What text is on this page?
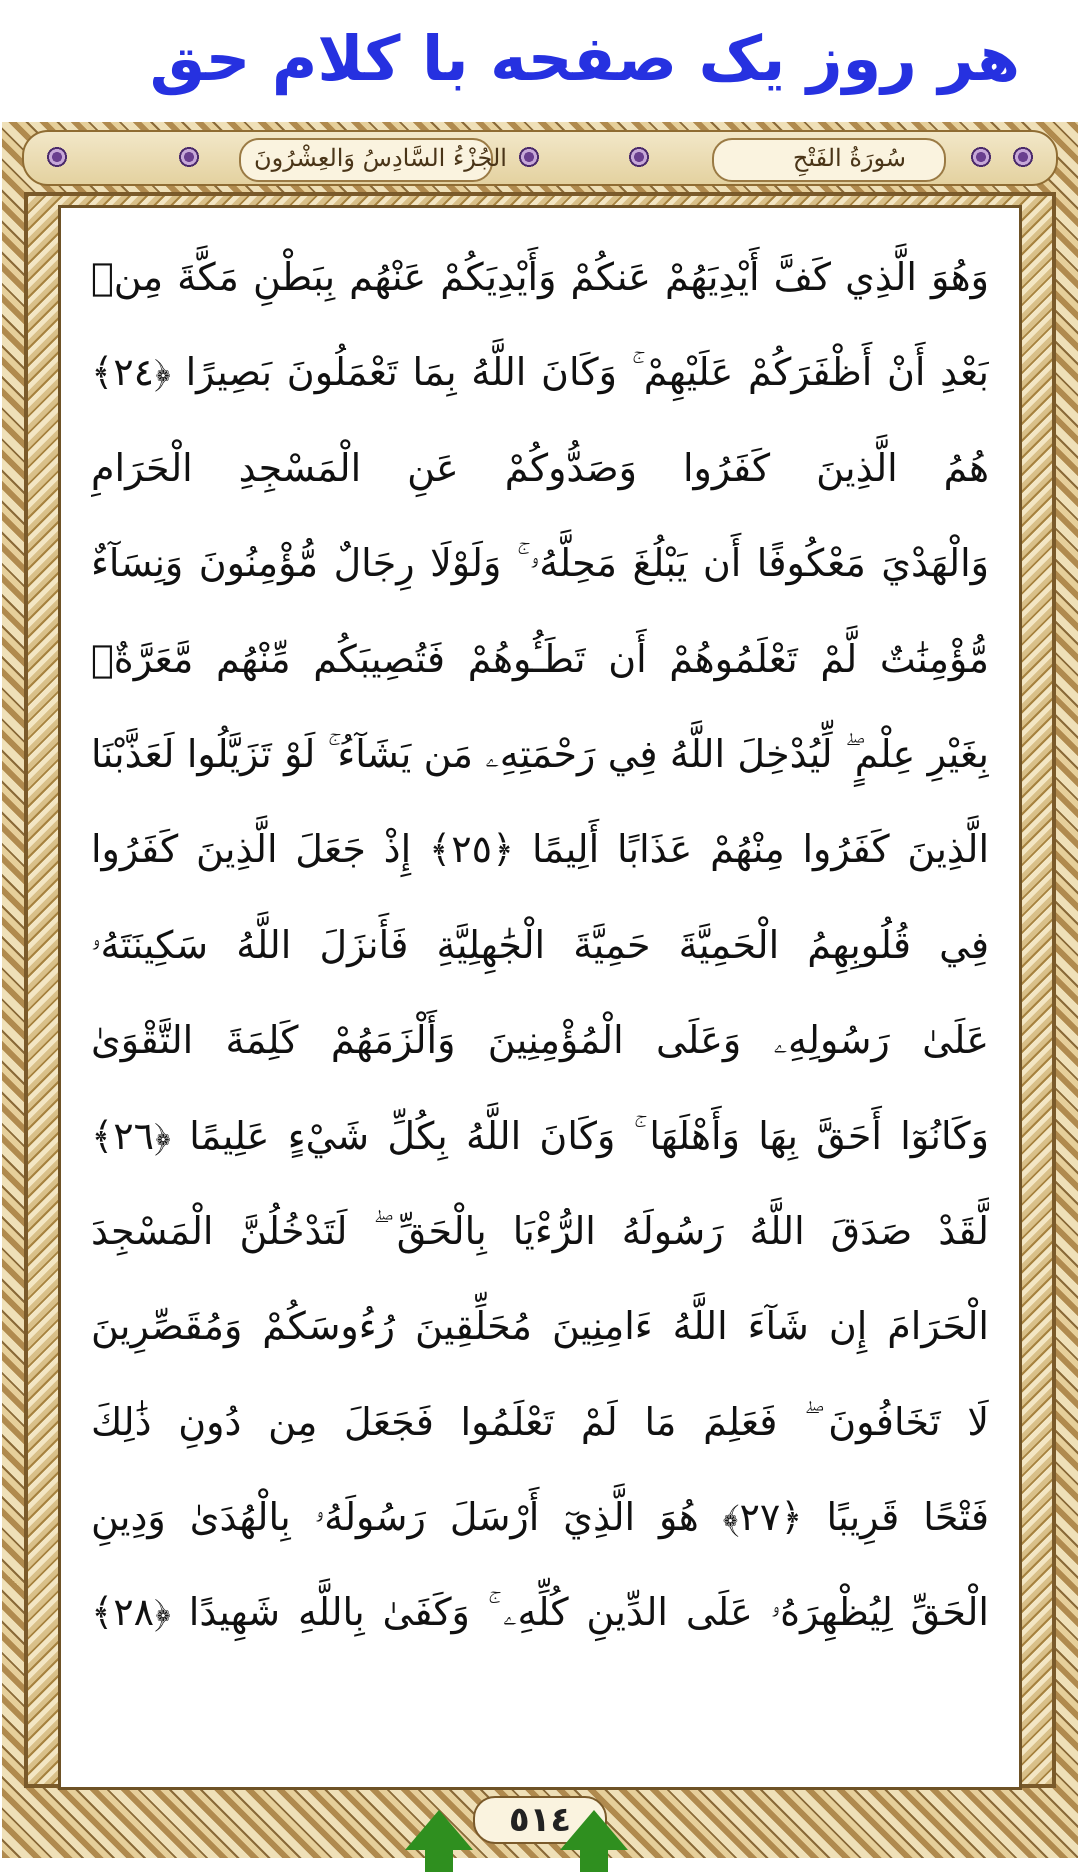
هر روز یک صفحه با کلام حق
سُورَةُ الفَتْحِ
الجُزْءُ السَّادِسُ وَالعِشْرُونَ
وَهُوَ الَّذِي كَفَّ أَيْدِيَهُمْ عَنكُمْ وَأَيْدِيَكُمْ عَنْهُم بِبَطْنِ مَكَّةَ مِنۢ
بَعْدِ أَنْ أَظْفَرَكُمْ عَلَيْهِمْ ۚ وَكَانَ اللَّهُ بِمَا تَعْمَلُونَ بَصِيرًا ﴿٢٤﴾
هُمُ الَّذِينَ كَفَرُوا وَصَدُّوكُمْ عَنِ الْمَسْجِدِ الْحَرَامِ
وَالْهَدْيَ مَعْكُوفًا أَن يَبْلُغَ مَحِلَّهُۥ ۚ وَلَوْلَا رِجَالٌ مُّؤْمِنُونَ وَنِسَآءٌ
مُّؤْمِنَٰتٌ لَّمْ تَعْلَمُوهُمْ أَن تَطَـُٔوهُمْ فَتُصِيبَكُم مِّنْهُم مَّعَرَّةٌۢ
بِغَيْرِ عِلْمٍ ۖ لِّيُدْخِلَ اللَّهُ فِي رَحْمَتِهِۦ مَن يَشَآءُ ۚ لَوْ تَزَيَّلُوا لَعَذَّبْنَا
الَّذِينَ كَفَرُوا مِنْهُمْ عَذَابًا أَلِيمًا ﴿٢٥﴾ إِذْ جَعَلَ الَّذِينَ كَفَرُوا
فِي قُلُوبِهِمُ الْحَمِيَّةَ حَمِيَّةَ الْجَٰهِلِيَّةِ فَأَنزَلَ اللَّهُ سَكِينَتَهُۥ
عَلَىٰ رَسُولِهِۦ وَعَلَى الْمُؤْمِنِينَ وَأَلْزَمَهُمْ كَلِمَةَ التَّقْوَىٰ
وَكَانُوٓا أَحَقَّ بِهَا وَأَهْلَهَا ۚ وَكَانَ اللَّهُ بِكُلِّ شَيْءٍ عَلِيمًا ﴿٢٦﴾
لَّقَدْ صَدَقَ اللَّهُ رَسُولَهُ الرُّءْيَا بِالْحَقِّ ۖ لَتَدْخُلُنَّ الْمَسْجِدَ
الْحَرَامَ إِن شَآءَ اللَّهُ ءَامِنِينَ مُحَلِّقِينَ رُءُوسَكُمْ وَمُقَصِّرِينَ
لَا تَخَافُونَ ۖ فَعَلِمَ مَا لَمْ تَعْلَمُوا فَجَعَلَ مِن دُونِ ذَٰلِكَ
فَتْحًا قَرِيبًا ﴿٢٧﴾ هُوَ الَّذِيٓ أَرْسَلَ رَسُولَهُۥ بِالْهُدَىٰ وَدِينِ
الْحَقِّ لِيُظْهِرَهُۥ عَلَى الدِّينِ كُلِّهِۦ ۚ وَكَفَىٰ بِاللَّهِ شَهِيدًا ﴿٢٨﴾
٥١٤
